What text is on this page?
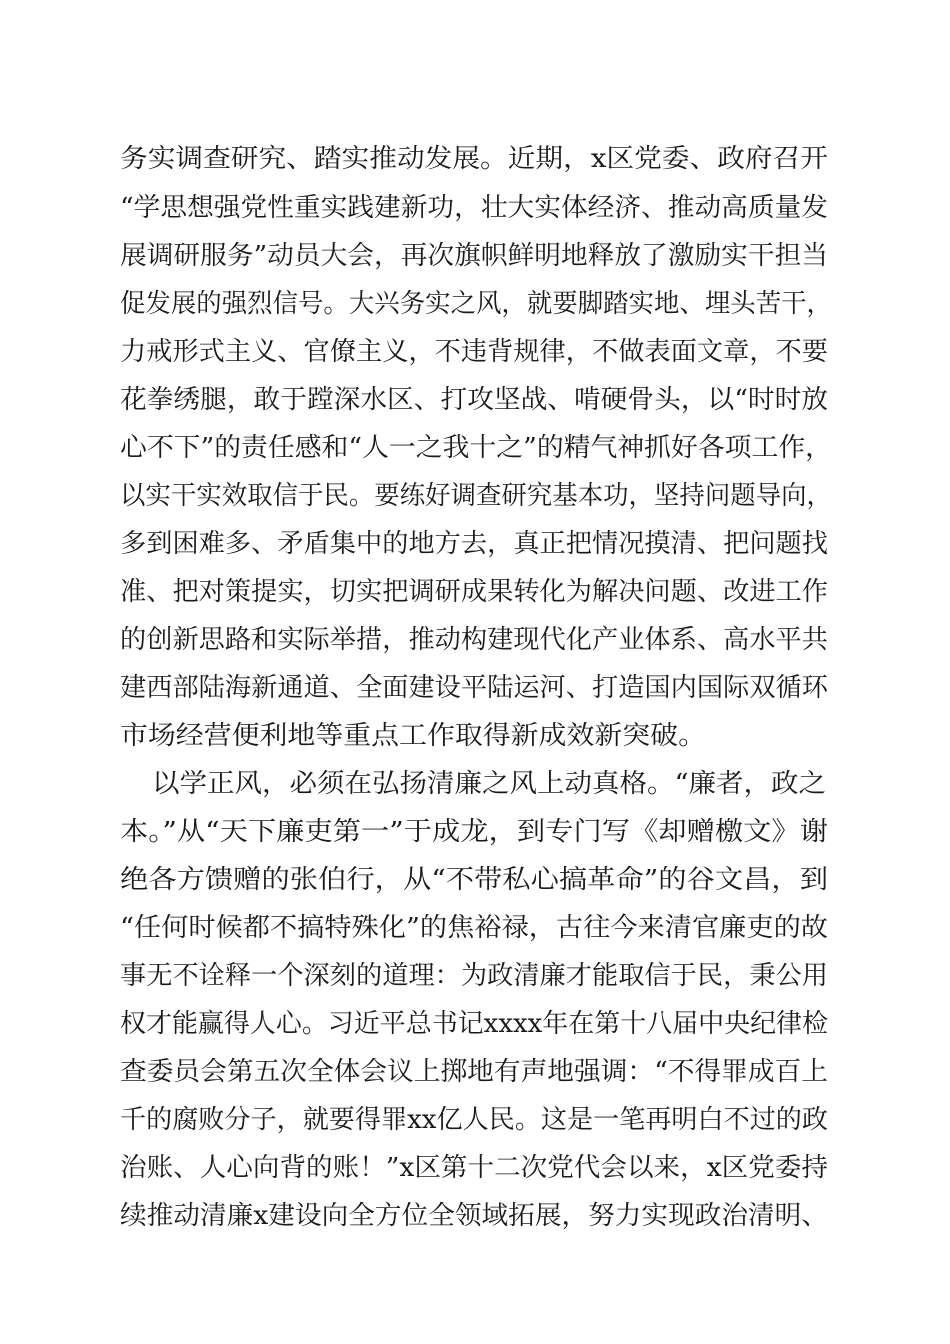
务实调查研究、踏实推动发展。近期，x区党委、政府召开
“学思想强党性重实践建新功，壮大实体经济、推动高质量发
展调研服务”动员大会，再次旗帜鲜明地释放了激励实干担当
促发展的强烈信号。大兴务实之风，就要脚踏实地、埋头苦干，
力戒形式主义、官僚主义，不违背规律，不做表面文章，不要
花拳绣腿，敢于蹚深水区、打攻坚战、啃硬骨头，以“时时放
心不下”的责任感和“人一之我十之”的精气神抓好各项工作，
以实干实效取信于民。要练好调查研究基本功，坚持问题导向，
多到困难多、矛盾集中的地方去，真正把情况摸清、把问题找
准、把对策提实，切实把调研成果转化为解决问题、改进工作
的创新思路和实际举措，推动构建现代化产业体系、高水平共
建西部陆海新通道、全面建设平陆运河、打造国内国际双循环
市场经营便利地等重点工作取得新成效新突破。
以学正风，必须在弘扬清廉之风上动真格。“廉者，政之
本。”从“天下廉吏第一”于成龙，到专门写《却赠檄文》谢
绝各方馈赠的张伯行，从“不带私心搞革命”的谷文昌，到
“任何时候都不搞特殊化”的焦裕禄，古往今来清官廉吏的故
事无不诠释一个深刻的道理：为政清廉才能取信于民，秉公用
权才能赢得人心。习近平总书记xxxx年在第十八届中央纪律检
查委员会第五次全体会议上掷地有声地强调：“不得罪成百上
千的腐败分子，就要得罪xx亿人民。这是一笔再明白不过的政
治账、人心向背的账！”x区第十二次党代会以来，x区党委持
续推动清廉x建设向全方位全领域拓展，努力实现政治清明、
